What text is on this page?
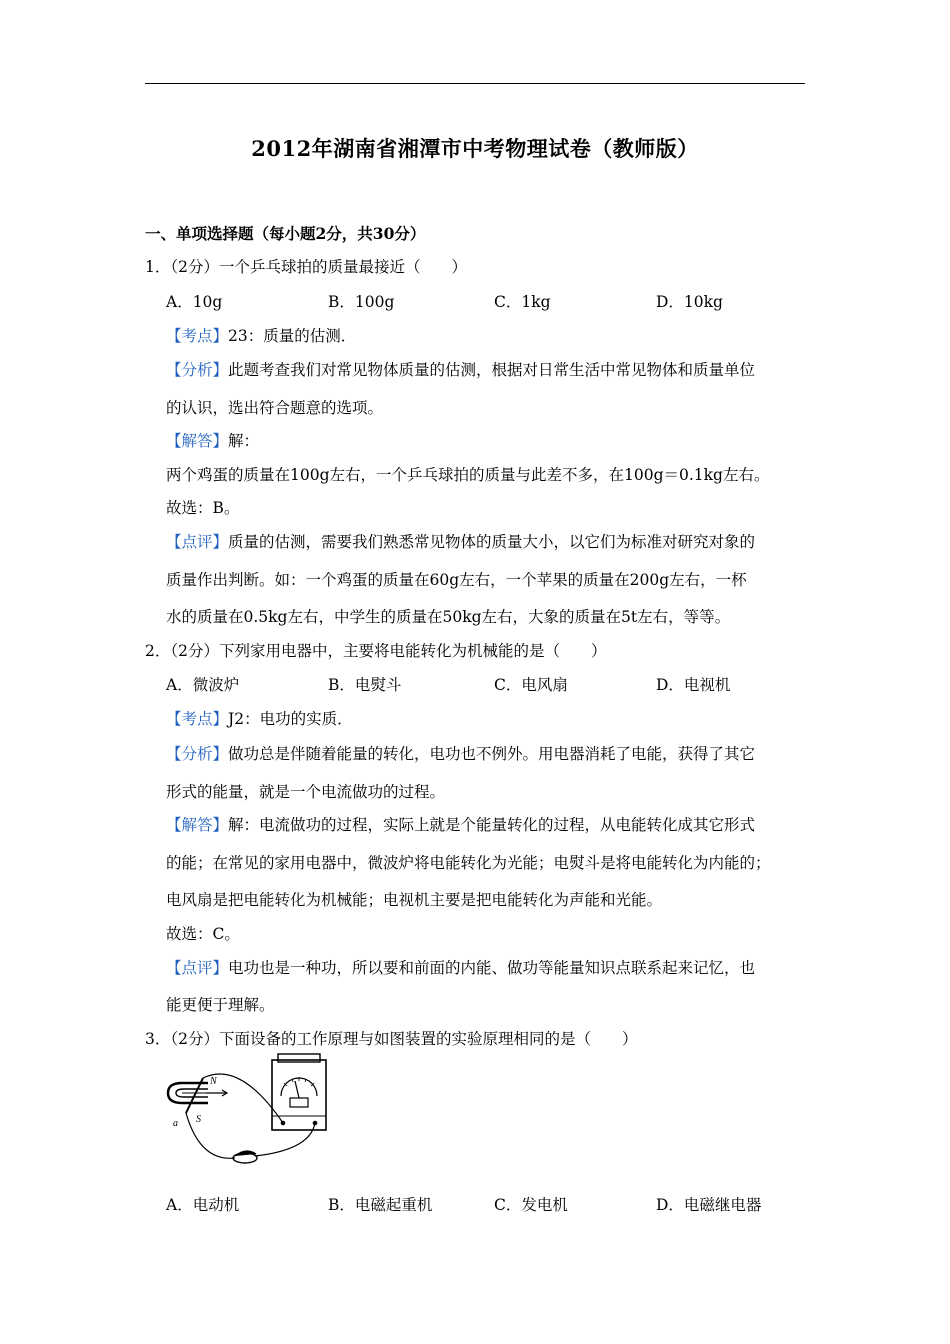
2012年湖南省湘潭市中考物理试卷（教师版）
一、单项选择题（每小题2分，共30分）
1．（2分）一个乒乓球拍的质量最接近（　　）
A．10g	B．100g	C．1kg	D．10kg
【考点】23：质量的估测．
【分析】此题考查我们对常见物体质量的估测，根据对日常生活中常见物体和质量单位
的认识，选出符合题意的选项。
【解答】解：
两个鸡蛋的质量在100g左右，一个乒乓球拍的质量与此差不多，在100g＝0.1kg左右。
故选：B。
【点评】质量的估测，需要我们熟悉常见物体的质量大小，以它们为标准对研究对象的
质量作出判断。如：一个鸡蛋的质量在60g左右，一个苹果的质量在200g左右，一杯
水的质量在0.5kg左右，中学生的质量在50kg左右，大象的质量在5t左右，等等。
2．（2分）下列家用电器中，主要将电能转化为机械能的是（　　）
A．微波炉	B．电熨斗	C．电风扇	D．电视机
【考点】J2：电功的实质．
【分析】做功总是伴随着能量的转化，电功也不例外。用电器消耗了电能，获得了其它
形式的能量，就是一个电流做功的过程。
【解答】解：电流做功的过程，实际上就是个能量转化的过程，从电能转化成其它形式
的能；在常见的家用电器中，微波炉将电能转化为光能；电熨斗是将电能转化为内能的；
电风扇是把电能转化为机械能；电视机主要是把电能转化为声能和光能。
故选：C。
【点评】电功也是一种功，所以要和前面的内能、做功等能量知识点联系起来记忆，也
能更便于理解。
3．（2分）下面设备的工作原理与如图装置的实验原理相同的是（　　）
N
S
a
A．电动机	B．电磁起重机	C．发电机	D．电磁继电器
